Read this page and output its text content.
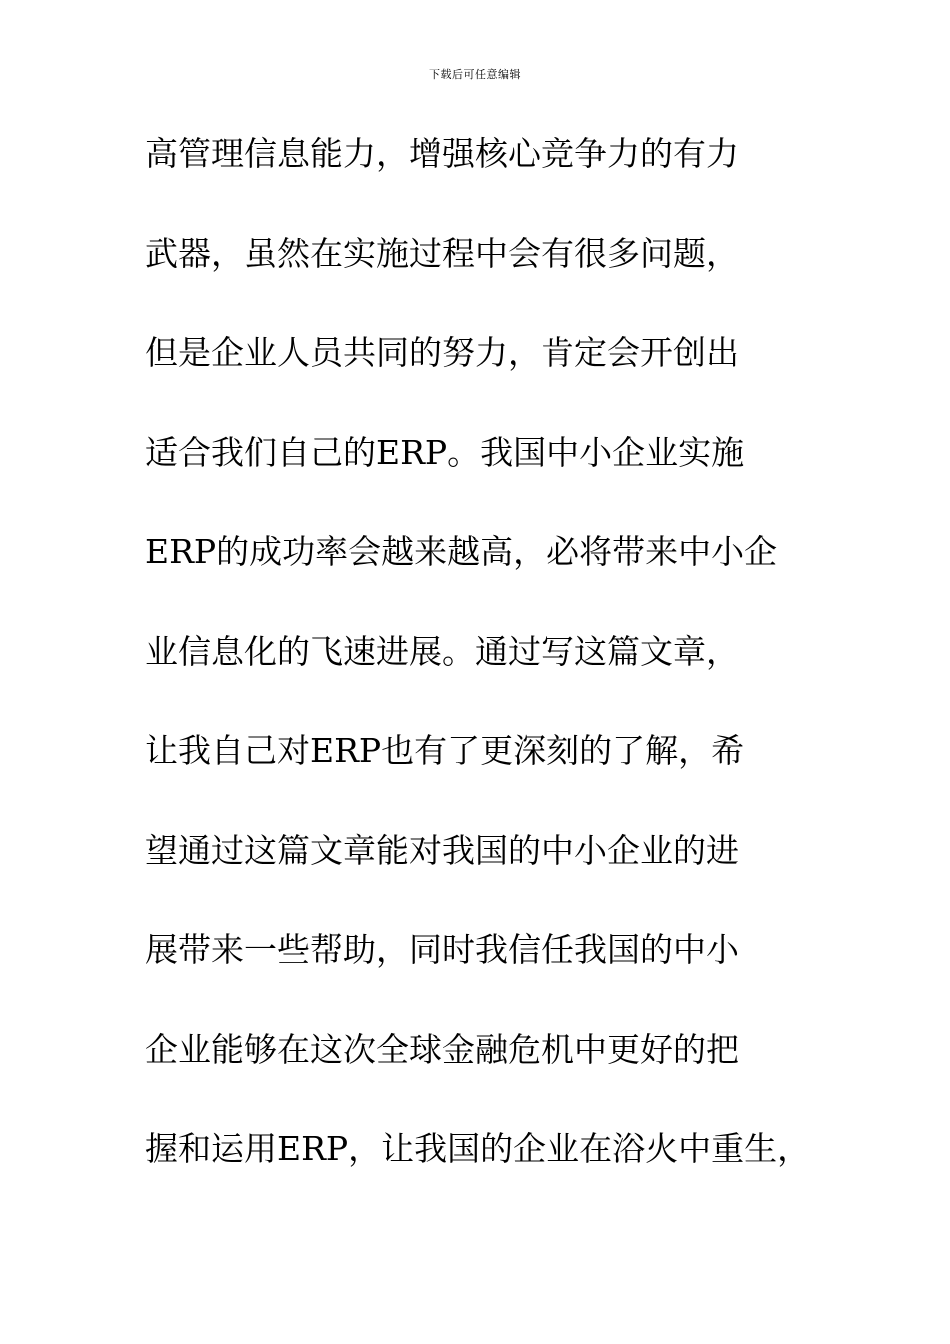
下载后可任意编辑
高管理信息能力，增强核心竞争力的有力
武器，虽然在实施过程中会有很多问题，
但是企业人员共同的努力，肯定会开创出
适合我们自己的ERP。我国中小企业实施
ERP的成功率会越来越高，必将带来中小企
业信息化的飞速进展。通过写这篇文章，
让我自己对ERP也有了更深刻的了解，希
望通过这篇文章能对我国的中小企业的进
展带来一些帮助，同时我信任我国的中小
企业能够在这次全球金融危机中更好的把
握和运用ERP，让我国的企业在浴火中重生，
